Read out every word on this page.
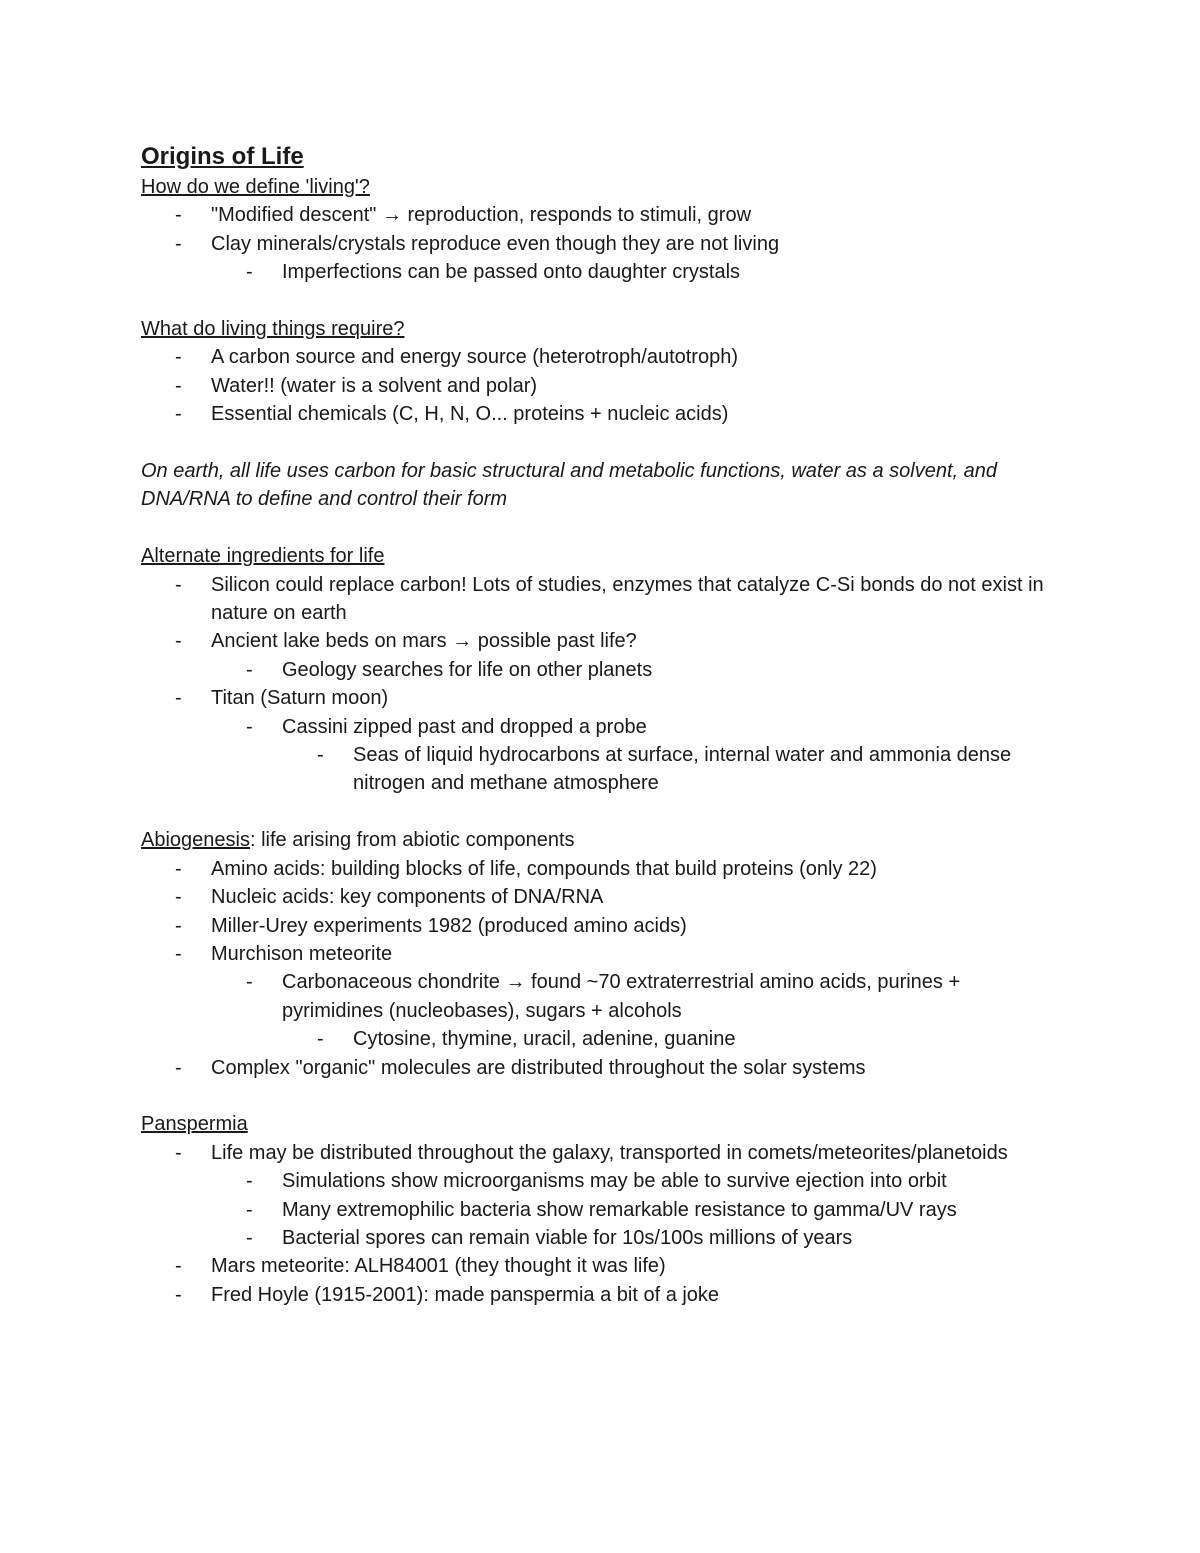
Origins of Life

How do we define 'living'?

- "Modified descent" → reproduction, responds to stimuli, grow

- Clay minerals/crystals reproduce even though they are not living

- Imperfections can be passed onto daughter crystals

What do living things require?

- A carbon source and energy source (heterotroph/autotroph)

- Water!! (water is a solvent and polar)

- Essential chemicals (C, H, N, O... proteins + nucleic acids)

On earth, all life uses carbon for basic structural and metabolic functions, water as a solvent, and DNA/RNA to define and control their form

Alternate ingredients for life

- Silicon could replace carbon! Lots of studies, enzymes that catalyze C-Si bonds do not exist in nature on earth

- Ancient lake beds on mars → possible past life?

- Geology searches for life on other planets

- Titan (Saturn moon)

- Cassini zipped past and dropped a probe

- Seas of liquid hydrocarbons at surface, internal water and ammonia dense nitrogen and methane atmosphere

Abiogenesis: life arising from abiotic components

- Amino acids: building blocks of life, compounds that build proteins (only 22)

- Nucleic acids: key components of DNA/RNA

- Miller-Urey experiments 1982 (produced amino acids)

- Murchison meteorite

- Carbonaceous chondrite → found ~70 extraterrestrial amino acids, purines + pyrimidines (nucleobases), sugars + alcohols

- Cytosine, thymine, uracil, adenine, guanine

- Complex "organic" molecules are distributed throughout the solar systems

Panspermia

- Life may be distributed throughout the galaxy, transported in comets/meteorites/planetoids

- Simulations show microorganisms may be able to survive ejection into orbit

- Many extremophilic bacteria show remarkable resistance to gamma/UV rays

- Bacterial spores can remain viable for 10s/100s millions of years

- Mars meteorite: ALH84001 (they thought it was life)

- Fred Hoyle (1915-2001): made panspermia a bit of a joke
